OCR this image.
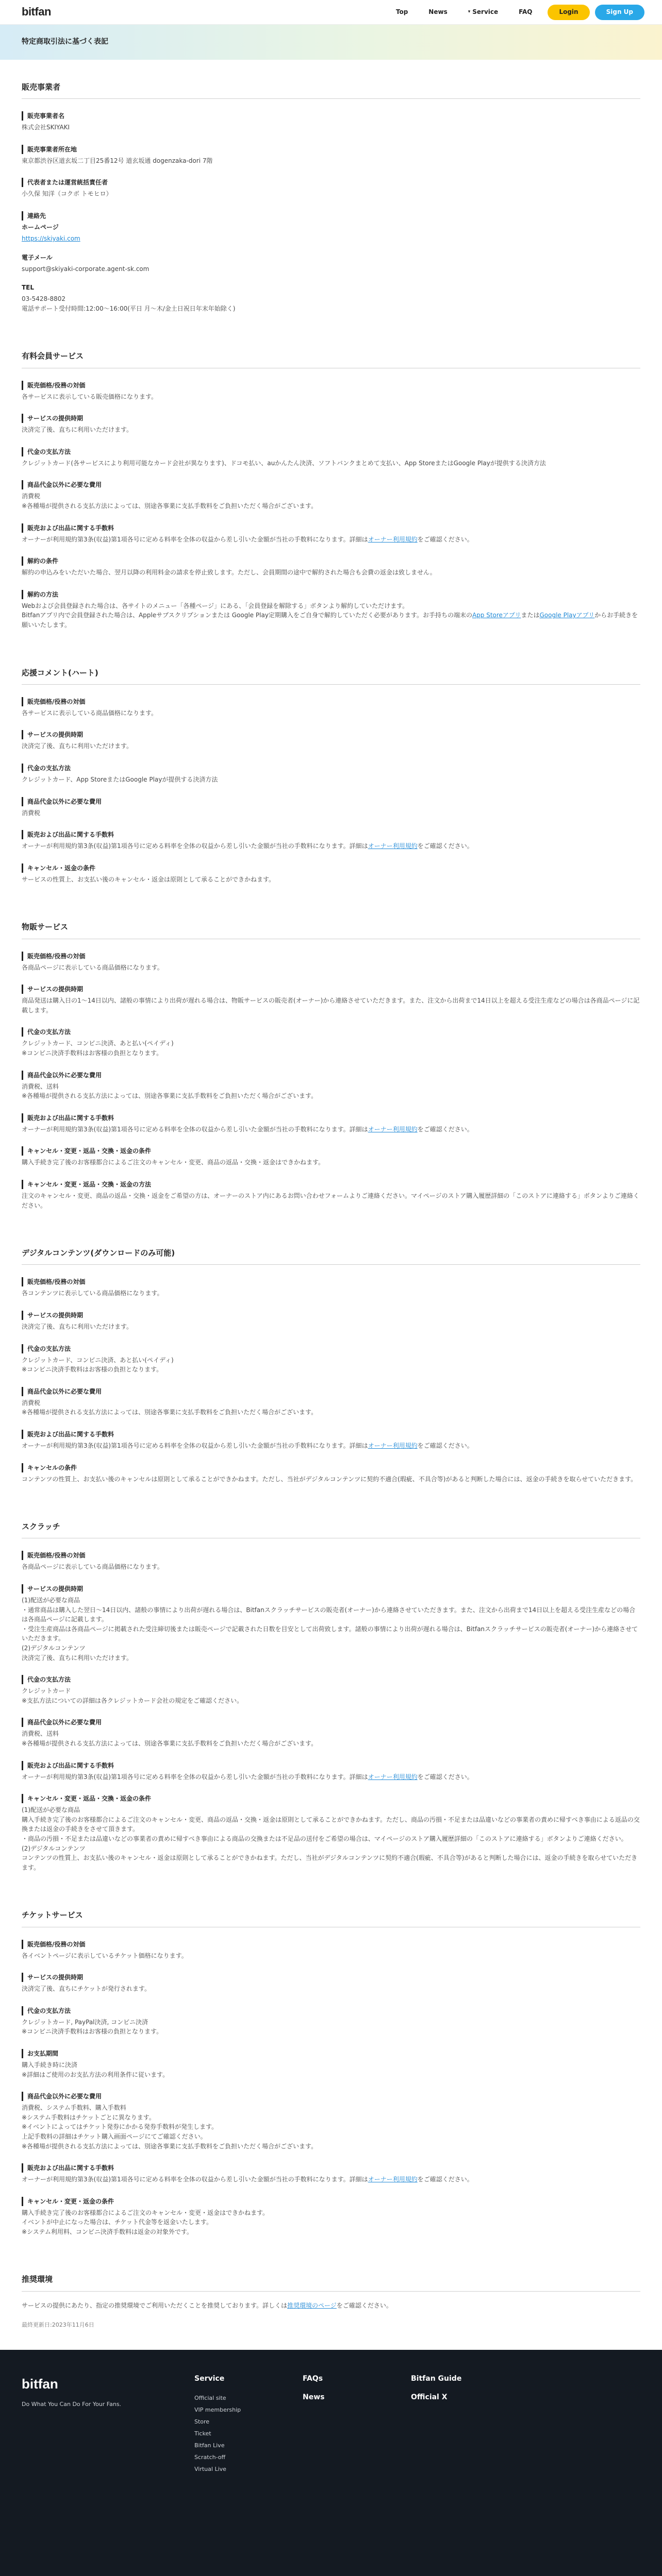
bitfan	Top	News	▾ Service	FAQ	Login	Sign Up
特定商取引法に基づく表記
販売事業者
販売事業者名
株式会社SKIYAKI
販売事業者所在地
東京都渋谷区道玄坂二丁目25番12号 道玄坂通 dogenzaka-dori 7階
代表者または運営統括責任者
小久保 知洋（コクボ トモヒロ）
連絡先
ホームページ
https://skiyaki.com
電子メール
support@skiyaki-corporate.agent-sk.com
TEL
03-5428-8802
電話サポート受付時間:12:00〜16:00(平日 月〜木/金土日祝日年末年始除く)
有料会員サービス
販売価格/役務の対価
各サービスに表示している販売価格になります。
サービスの提供時期
決済完了後、直ちに利用いただけます。
代金の支払方法
クレジットカード(各サービスにより利用可能なカード会社が異なります)、ドコモ払い、auかんたん決済、ソフトバンクまとめて支払い、App StoreまたはGoogle Playが提供する決済方法
商品代金以外に必要な費用
消費税
※各種場が提供される支払方法によっては、別途各事業に支払手数料をご負担いただく場合がございます。
販売および出品に関する手数料
オーナーが利用規約第3条(収益)第1項各号に定める料率を全体の収益から差し引いた金額が当社の手数料になります。詳細はオーナー利用規約をご確認ください。
解約の条件
解約の申込みをいただいた場合、翌月以降の利用料金の請求を停止致します。ただし、会員期間の途中で解約された場合も会費の返金は致しません。
解約の方法
Webおよび会員登録された場合は、各サイトのメニュー「各種ページ」にある、「会員登録を解除する」ボタンより解約していただけます。
Bitfanアプリ内で会員登録された場合は、Appleサブスクリプションまたは Google Play定期購入をご自身で解約していただく必要があります。お手持ちの端末のApp StoreアプリまたはGoogle Playアプリからお手続きを願いいたします。
応援コメント(ハート)
販売価格/役務の対価
各サービスに表示している商品価格になります。
サービスの提供時期
決済完了後、直ちに利用いただけます。
代金の支払方法
クレジットカード、App StoreまたはGoogle Playが提供する決済方法
商品代金以外に必要な費用
消費税
販売および出品に関する手数料
オーナーが利用規約第3条(収益)第1項各号に定める料率を全体の収益から差し引いた金額が当社の手数料になります。詳細はオーナー利用規約をご確認ください。
キャンセル・返金の条件
サービスの性質上、お支払い後のキャンセル・返金は原則として承ることができかねます。
物販サービス
販売価格/役務の対価
各商品ページに表示している商品価格になります。
サービスの提供時期
商品発送は購入日の1〜14日以内、諸般の事情により出荷が遅れる場合は、物販サービスの販売者(オーナー)から連絡させていただきます。また、注文から出荷まで14日以上を超える受注生産などの場合は各商品ページに記載します。
代金の支払方法
クレジットカード、コンビニ決済、あと払い(ペイディ)
※コンビニ決済手数料はお客様の負担となります。
商品代金以外に必要な費用
消費税、送料
※各種場が提供される支払方法によっては、別途各事業に支払手数料をご負担いただく場合がございます。
販売および出品に関する手数料
オーナーが利用規約第3条(収益)第1項各号に定める料率を全体の収益から差し引いた金額が当社の手数料になります。詳細はオーナー利用規約をご確認ください。
キャンセル・変更・返品・交換・返金の条件
購入手続き完了後のお客様都合によるご注文のキャンセル・変更、商品の返品・交換・返金はできかねます。
キャンセル・変更・返品・交換・返金の方法
注文のキャンセル・変更、商品の返品・交換・返金をご希望の方は、オーナーのストア内にあるお問い合わせフォームよりご連絡ください。マイページのストア購入履歴詳細の「このストアに連絡する」ボタンよりご連絡ください。
デジタルコンテンツ(ダウンロードのみ可能)
販売価格/役務の対価
各コンテンツに表示している商品価格になります。
サービスの提供時期
決済完了後、直ちに利用いただけます。
代金の支払方法
クレジットカード、コンビニ決済、あと払い(ペイディ)
※コンビニ決済手数料はお客様の負担となります。
商品代金以外に必要な費用
消費税
※各種場が提供される支払方法によっては、別途各事業に支払手数料をご負担いただく場合がございます。
販売および出品に関する手数料
オーナーが利用規約第3条(収益)第1項各号に定める料率を全体の収益から差し引いた金額が当社の手数料になります。詳細はオーナー利用規約をご確認ください。
キャンセルの条件
コンテンツの性質上、お支払い後のキャンセルは原則として承ることができかねます。ただし、当社がデジタルコンテンツに契約不適合(瑕疵、不具合等)があると判断した場合には、返金の手続きを取らせていただきます。
スクラッチ
販売価格/役務の対価
各商品ページに表示している商品価格になります。
サービスの提供時期
(1)配送が必要な商品
・通常商品は購入した翌日〜14日以内、諸般の事情により出荷が遅れる場合は、Bitfanスクラッチサービスの販売者(オーナー)から連絡させていただきます。また、注文から出荷まで14日以上を超える受注生産などの場合は各商品ページに記載します。
・受注生産商品は各商品ページに掲載された受注締切後または販売ページで記載された日数を目安として出荷致します。諸般の事情により出荷が遅れる場合は、Bitfanスクラッチサービスの販売者(オーナー)から連絡させていただきます。
(2)デジタルコンテンツ
決済完了後、直ちに利用いただけます。
代金の支払方法
クレジットカード
※支払方法についての詳細は各クレジットカード会社の規定をご確認ください。
商品代金以外に必要な費用
消費税、送料
※各種場が提供される支払方法によっては、別途各事業に支払手数料をご負担いただく場合がございます。
販売および出品に関する手数料
オーナーが利用規約第3条(収益)第1項各号に定める料率を全体の収益から差し引いた金額が当社の手数料になります。詳細はオーナー利用規約をご確認ください。
キャンセル・変更・返品・交換・返金の条件
(1)配送が必要な商品
購入手続き完了後のお客様都合によるご注文のキャンセル・変更、商品の返品・交換・返金は原則として承ることができかねます。ただし、商品の汚損・不足または品違いなどの事業者の責めに帰すべき事由による返品の交換または返金の手続きをさせて頂きます。
・商品の汚損・不足または品違いなどの事業者の責めに帰すべき事由による商品の交換または不足品の送付をご希望の場合は、マイページのストア購入履歴詳細の「このストアに連絡する」ボタンよりご連絡ください。
(2)デジタルコンテンツ
コンテンツの性質上、お支払い後のキャンセル・返金は原則として承ることができかねます。ただし、当社がデジタルコンテンツに契約不適合(瑕疵、不具合等)があると判断した場合には、返金の手続きを取らせていただきます。
チケットサービス
販売価格/役務の対価
各イベントページに表示しているチケット価格になります。
サービスの提供時期
決済完了後、直ちにチケットが発行されます。
代金の支払方法
クレジットカード, PayPal決済, コンビニ決済
※コンビニ決済手数料はお客様の負担となります。
お支払期間
購入手続き時に決済
※詳細はご使用のお支払方法の利用条件に従います。
商品代金以外に必要な費用
消費税、システム手数料、購入手数料
※システム手数料はチケットごとに異なります。
※イベントによってはチケット発券にかかる発券手数料が発生します。
上記手数料の詳細はチケット購入画面ページにてご確認ください。
※各種場が提供される支払方法によっては、別途各事業に支払手数料をご負担いただく場合がございます。
販売および出品に関する手数料
オーナーが利用規約第3条(収益)第1項各号に定める料率を全体の収益から差し引いた金額が当社の手数料になります。詳細はオーナー利用規約をご確認ください。
キャンセル・変更・返金の条件
購入手続き完了後のお客様都合によるご注文のキャンセル・変更・返金はできかねます。
イベントが中止になった場合は、チケット代金等を返金いたします。
※システム利用料、コンビニ決済手数料は返金の対象外です。
推奨環境
サービスの提供にあたり、指定の推奨環境でご利用いただくことを推奨しております。詳しくは推奨環境のページをご確認ください。
最終更新日:2023年11月6日
bitfan
Do What You Can Do For Your Fans.
Service
Official site
VIP membership
Store
Ticket
Bitfan Live
Scratch-off
Virtual Live
FAQs
News
Bitfan Guide
Official X
